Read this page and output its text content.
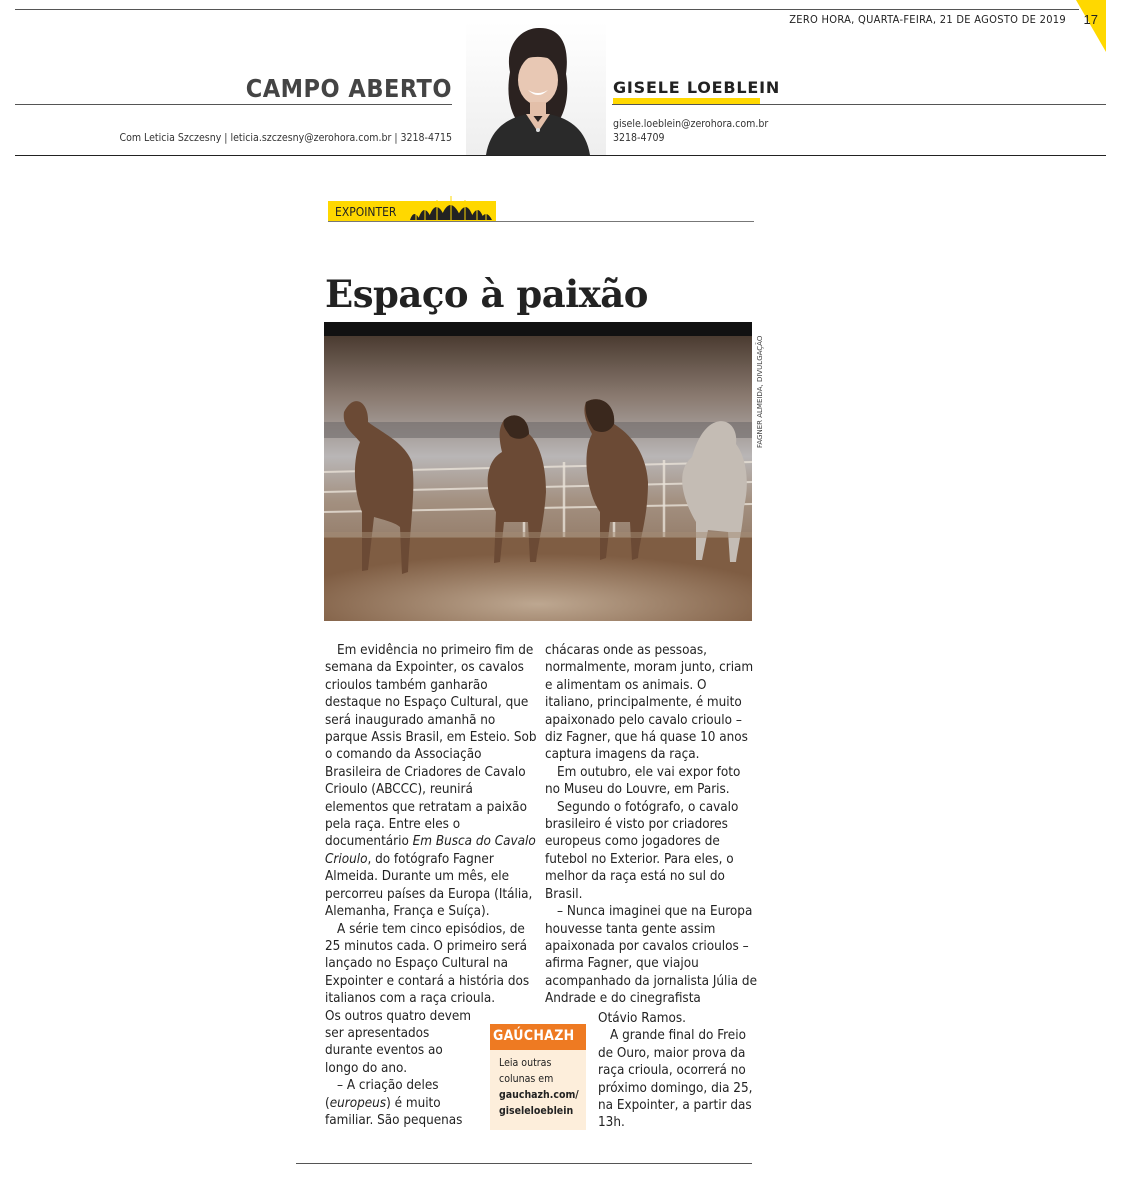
ZERO HORA, QUARTA-FEIRA, 21 DE AGOSTO DE 2019 17
CAMPO ABERTO	GISELE LOEBLEIN
Com Leticia Szczesny | leticia.szczesny@zerohora.com.br | 3218-4715
gisele.loeblein@zerohora.com.br
3218-4709
EXPOINTER
Espaço à paixão
FAGNER ALMEIDA, DIVULGAÇÃO

Em evidência no primeiro fim de semana da Expointer, os cavalos crioulos também ganharão destaque no Espaço Cultural, que será inaugurado amanhã no parque Assis Brasil, em Esteio. Sob o comando da Associação Brasileira de Criadores de Cavalo Crioulo (ABCCC), reunirá elementos que retratam a paixão pela raça. Entre eles o documentário Em Busca do Cavalo Crioulo, do fotógrafo Fagner Almeida. Durante um mês, ele percorreu países da Europa (Itália, Alemanha, França e Suíça).

A série tem cinco episódios, de 25 minutos cada. O primeiro será lançado no Espaço Cultural na Expointer e contará a história dos italianos com a raça crioula.

Os outros quatro devem
ser apresentados
durante eventos ao
longo do ano.

– A criação deles
(europeus) é muito
familiar. São pequenas

chácaras onde as pessoas, normalmente, moram junto, criam e alimentam os animais. O italiano, principalmente, é muito apaixonado pelo cavalo crioulo – diz Fagner, que há quase 10 anos captura imagens da raça.

Em outubro, ele vai expor foto no Museu do Louvre, em Paris.

Segundo o fotógrafo, o cavalo brasileiro é visto por criadores europeus como jogadores de futebol no Exterior. Para eles, o melhor da raça está no sul do Brasil.

– Nunca imaginei que na Europa houvesse tanta gente assim apaixonada por cavalos crioulos – afirma Fagner, que viajou acompanhado da jornalista Júlia de Andrade e do cinegrafista

Otávio Ramos.

A grande final do Freio de Ouro, maior prova da raça crioula, ocorrerá no próximo domingo, dia 25, na Expointer, a partir das 13h.

GAÚCHAZH
Leia outras colunas em
gauchazh.com/
giseleloeblein
